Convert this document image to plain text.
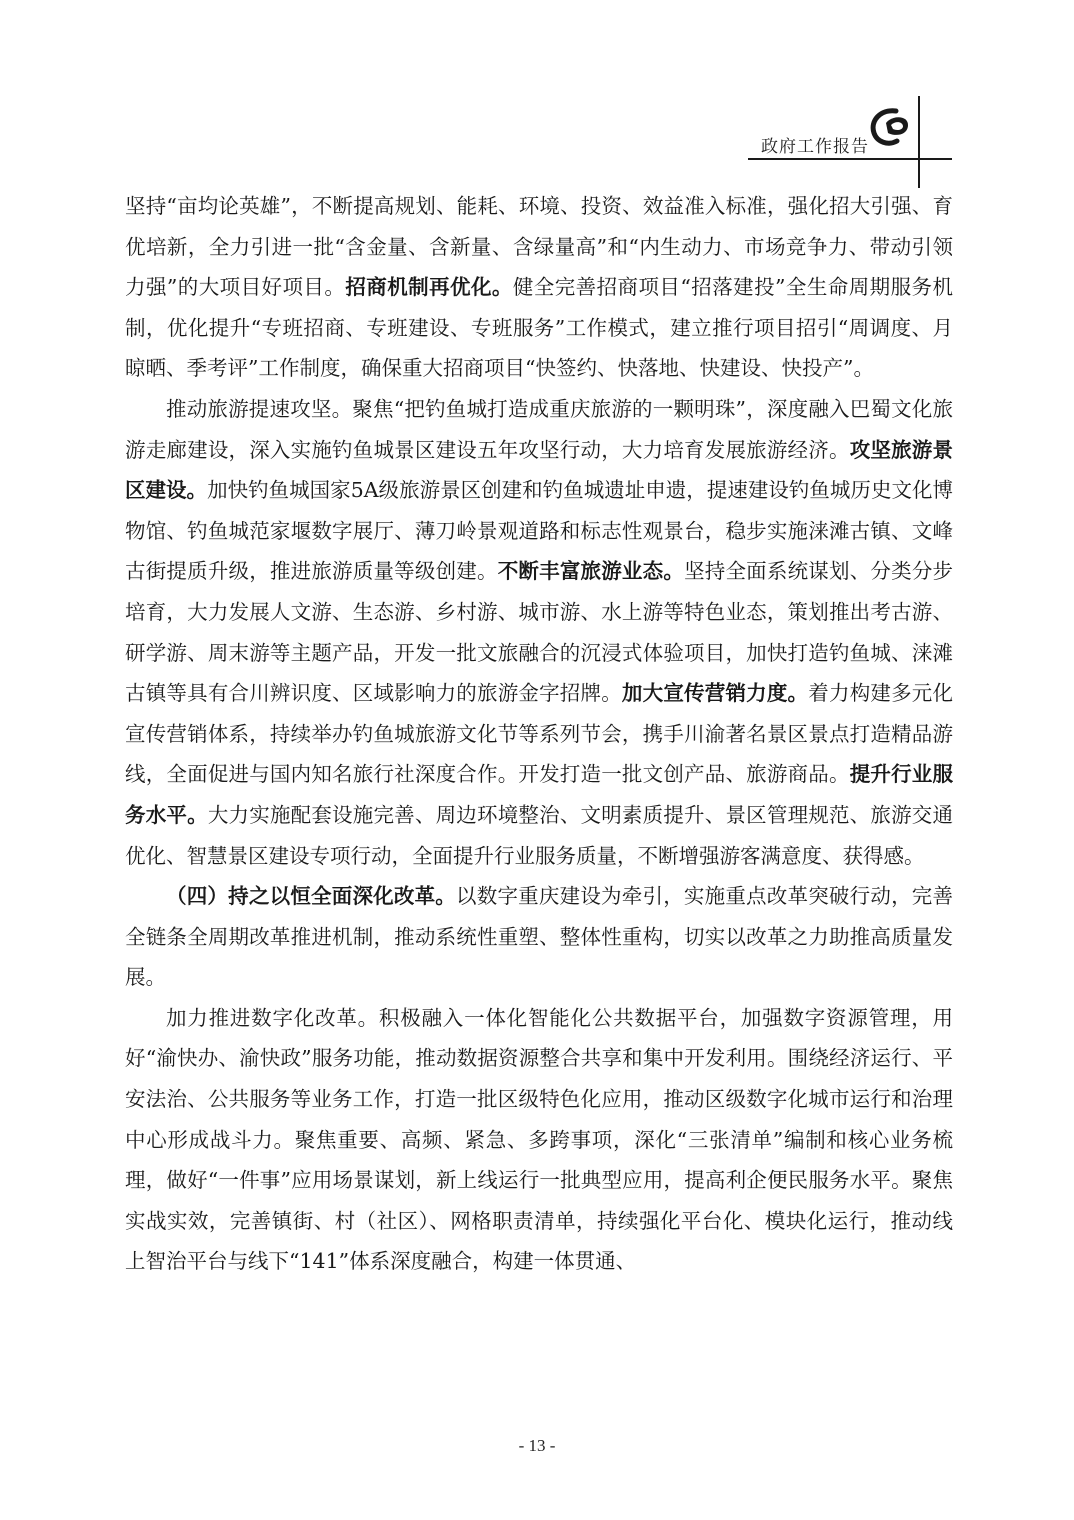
政府工作报告

坚持“亩均论英雄”，不断提高规划、能耗、环境、投资、效益准入标准，强化招大引强、育优培新，全力引进一批“含金量、含新量、含绿量高”和“内生动力、市场竞争力、带动引领力强”的大项目好项目。招商机制再优化。健全完善招商项目“招落建投”全生命周期服务机制，优化提升“专班招商、专班建设、专班服务”工作模式，建立推行项目招引“周调度、月晾晒、季考评”工作制度，确保重大招商项目“快签约、快落地、快建设、快投产”。

推动旅游提速攻坚。聚焦“把钓鱼城打造成重庆旅游的一颗明珠”，深度融入巴蜀文化旅游走廊建设，深入实施钓鱼城景区建设五年攻坚行动，大力培育发展旅游经济。攻坚旅游景区建设。加快钓鱼城国家5A级旅游景区创建和钓鱼城遗址申遗，提速建设钓鱼城历史文化博物馆、钓鱼城范家堰数字展厅、薄刀岭景观道路和标志性观景台，稳步实施涞滩古镇、文峰古街提质升级，推进旅游质量等级创建。不断丰富旅游业态。坚持全面系统谋划、分类分步培育，大力发展人文游、生态游、乡村游、城市游、水上游等特色业态，策划推出考古游、研学游、周末游等主题产品，开发一批文旅融合的沉浸式体验项目，加快打造钓鱼城、涞滩古镇等具有合川辨识度、区域影响力的旅游金字招牌。加大宣传营销力度。着力构建多元化宣传营销体系，持续举办钓鱼城旅游文化节等系列节会，携手川渝著名景区景点打造精品游线，全面促进与国内知名旅行社深度合作。开发打造一批文创产品、旅游商品。提升行业服务水平。大力实施配套设施完善、周边环境整治、文明素质提升、景区管理规范、旅游交通优化、智慧景区建设专项行动，全面提升行业服务质量，不断增强游客满意度、获得感。

（四）持之以恒全面深化改革。以数字重庆建设为牵引，实施重点改革突破行动，完善全链条全周期改革推进机制，推动系统性重塑、整体性重构，切实以改革之力助推高质量发展。

加力推进数字化改革。积极融入一体化智能化公共数据平台，加强数字资源管理，用好“渝快办、渝快政”服务功能，推动数据资源整合共享和集中开发利用。围绕经济运行、平安法治、公共服务等业务工作，打造一批区级特色化应用，推动区级数字化城市运行和治理中心形成战斗力。聚焦重要、高频、紧急、多跨事项，深化“三张清单”编制和核心业务梳理，做好“一件事”应用场景谋划，新上线运行一批典型应用，提高利企便民服务水平。聚焦实战实效，完善镇街、村（社区）、网格职责清单，持续强化平台化、模块化运行，推动线上智治平台与线下“141”体系深度融合，构建一体贯通、

- 13 -
